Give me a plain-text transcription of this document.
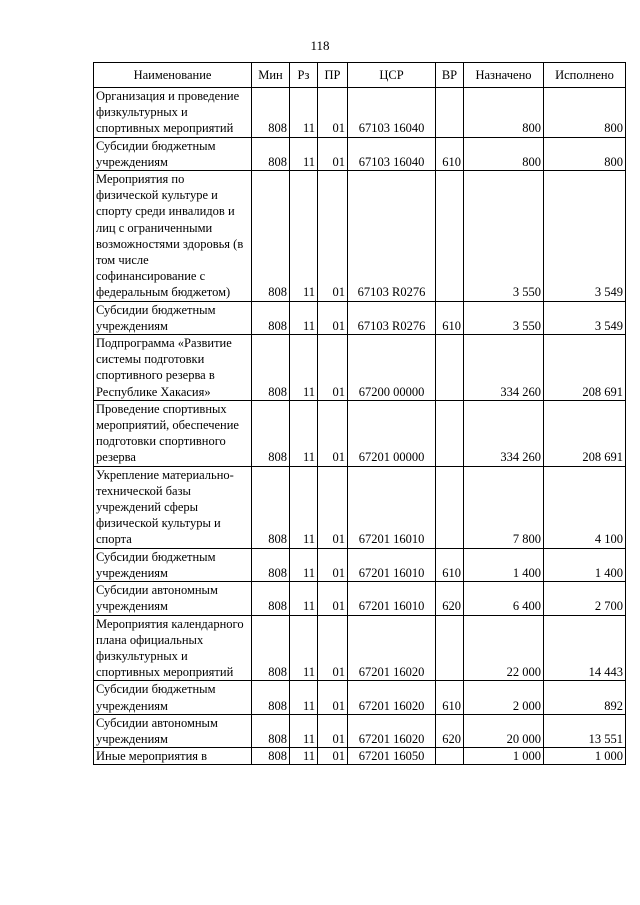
118
Наименование	Мин	Рз	ПР	ЦСР	ВР	Назначено	Исполнено
Организация и проведение физкультурных и спортивных мероприятий	808	11	01	67103 16040		800	800
Субсидии бюджетным учреждениям	808	11	01	67103 16040	610	800	800
Мероприятия по физической культуре и спорту среди инвалидов и лиц с ограниченными возможностями здоровья (в том числе софинансирование с федеральным бюджетом)	808	11	01	67103 R0276		3 550	3 549
Субсидии бюджетным учреждениям	808	11	01	67103 R0276	610	3 550	3 549
Подпрограмма «Развитие системы подготовки спортивного резерва в Республике Хакасия»	808	11	01	67200 00000		334 260	208 691
Проведение спортивных мероприятий, обеспечение подготовки спортивного резерва	808	11	01	67201 00000		334 260	208 691
Укрепление материально-технической базы учреждений сферы физической культуры и спорта	808	11	01	67201 16010		7 800	4 100
Субсидии бюджетным учреждениям	808	11	01	67201 16010	610	1 400	1 400
Субсидии автономным учреждениям	808	11	01	67201 16010	620	6 400	2 700
Мероприятия календарного плана официальных физкультурных и спортивных мероприятий	808	11	01	67201 16020		22 000	14 443
Субсидии бюджетным учреждениям	808	11	01	67201 16020	610	2 000	892
Субсидии автономным учреждениям	808	11	01	67201 16020	620	20 000	13 551
Иные мероприятия в	808	11	01	67201 16050		1 000	1 000
